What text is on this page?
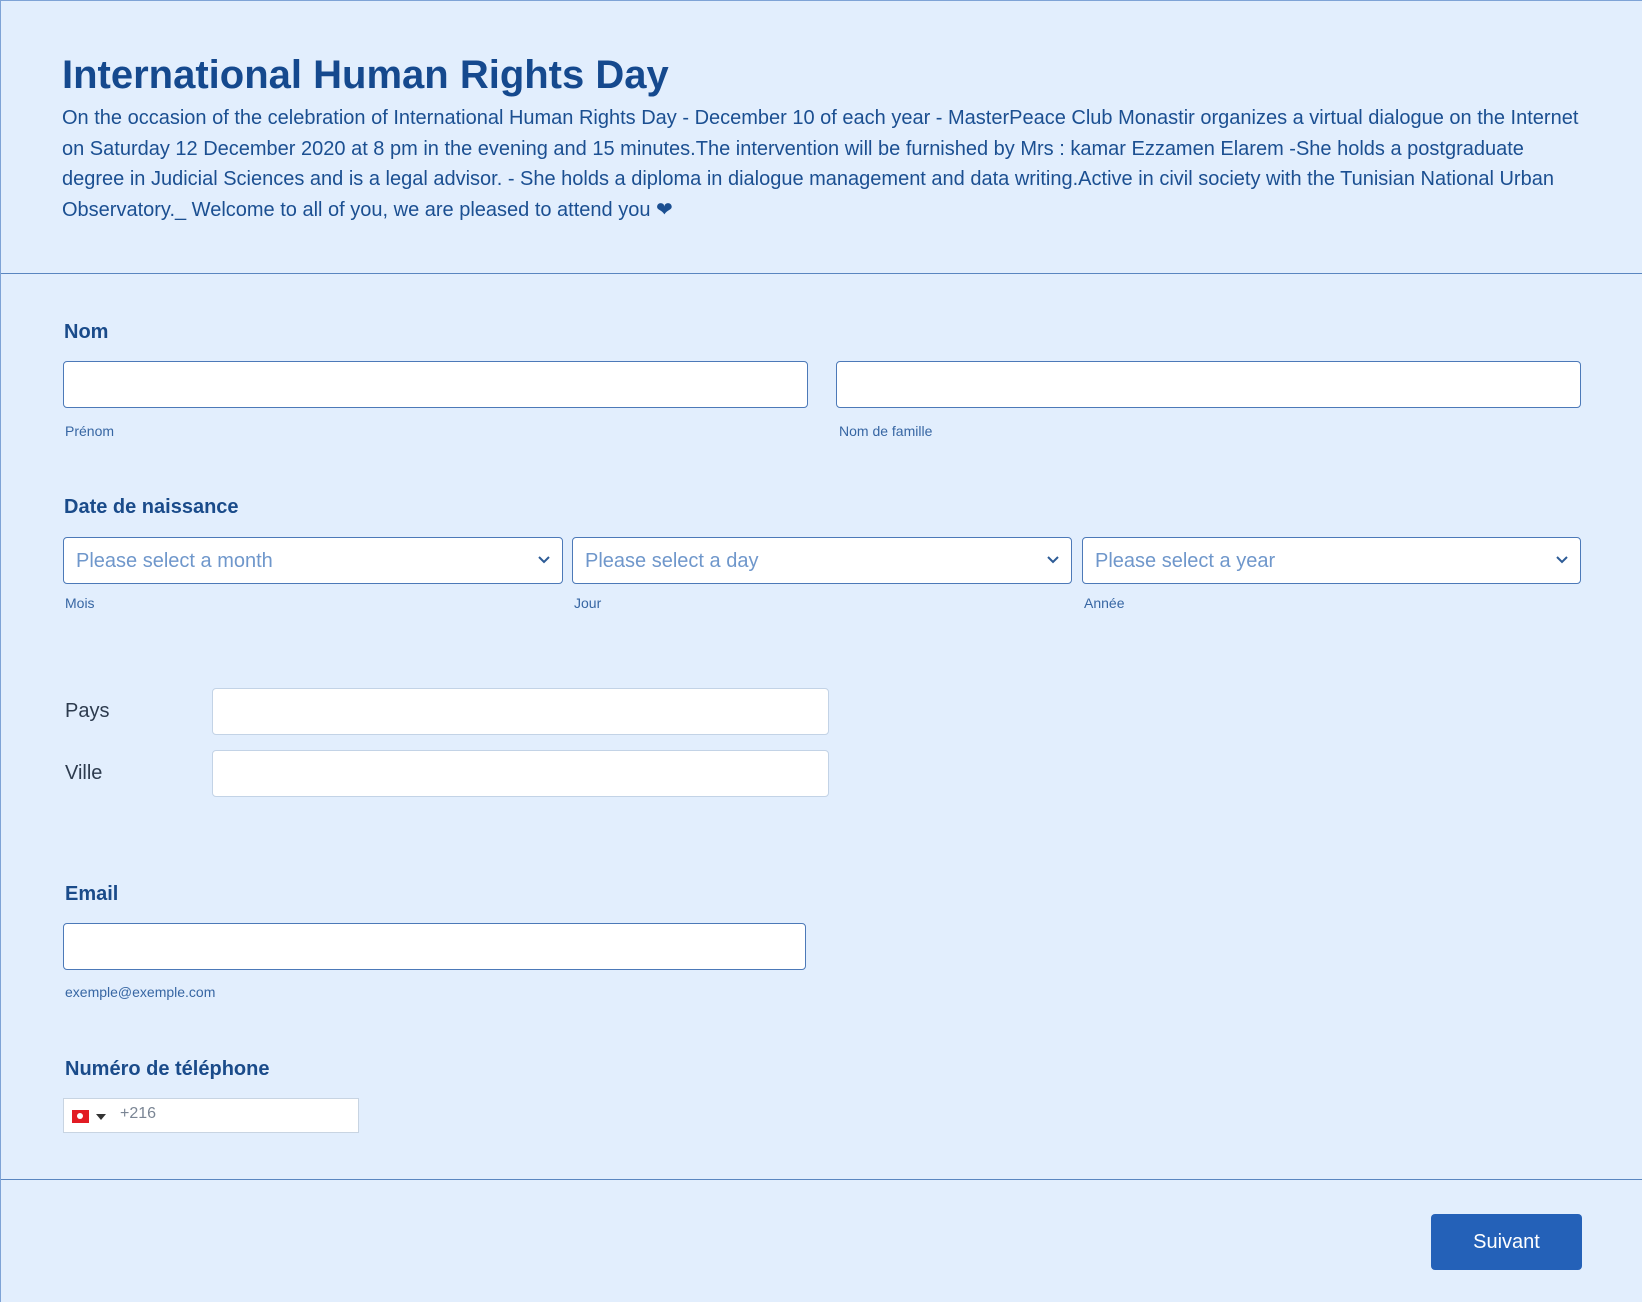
International Human Rights Day

On the occasion of the celebration of International Human Rights Day - December 10 of each year - MasterPeace Club Monastir organizes a virtual dialogue on the Internet on Saturday 12 December 2020 at 8 pm in the evening and 15 minutes.The intervention will be furnished by Mrs : kamar Ezzamen Elarem -She holds a postgraduate degree in Judicial Sciences and is a legal advisor. - She holds a diploma in dialogue management and data writing.Active in civil society with the Tunisian National Urban Observatory._ Welcome to all of you, we are pleased to attend you ❤

Nom
Prénom	Nom de famille
Date de naissance
Please select a month	Please select a day	Please select a year
Mois	Jour	Année
Pays
Ville
Email
exemple@exemple.com
Numéro de téléphone
+216
Suivant
